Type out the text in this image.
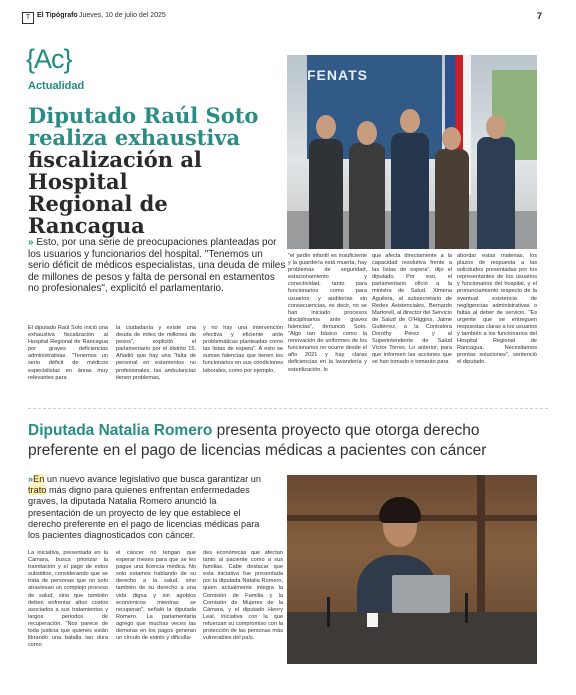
T El Tipógrafo Jueves, 10 de julio del 2025	7
{Ac}
Actualidad
Diputado Raúl Soto
realiza exhaustiva
fiscalización al Hospital
Regional de Rancagua
FENATS
» Esto, por una serie de preocupaciones planteadas por los usuarios y funcionarios del hospital. "Tenemos un serio déficit de médicos especialistas, una deuda de miles de millones de pesos y falta de personal en estamentos no profesionales", explicitó el parlamentario.
El diputado Raúl Soto inició una exhaustiva fiscalización al Hospital Regional de Rancagua por graves deficiencias administrativas. "Tenemos un serio déficit de médicos especialistas en áreas muy relevantes para
la ciudadanía y existe una deuda de miles de millones de pesos", explicitó el parlamentario por el distrito 15. Añadió que hay una "falta de personal en estamentos no profesionales, las ambulancias tienen problemas,
y no hay una intervención efectiva y eficiente ante problemáticas planteadas como las listas de espera". A esto se suman falencias que tienen los funcionarios en sus condiciones laborales, como por ejemplo,
"el jardín infantil es insuficiente y la guardería está muerta, hay problemas de seguridad, estacionamiento y conectividad, tanto para funcionarios como para usuarios; y auditorías sin consecuencias, es decir, no se han iniciado procesos disciplinarios ante graves falencias", denunció Soto. "Algo tan básico como la renovación de uniformes de los funcionarios no ocurre desde el año 2021 y hay claras deficiencias en la lavandería y esterilización, lo
que afecta directamente a la capacidad resolutiva frente a las listas de espera", dijo el diputado. Por eso, el parlamentario ofició a la ministra de Salud, Ximena Aguilera, al subsecretario de Redes Asistenciales, Bernardo Martorell, al director del Servicio de Salud de O'Higgins, Jaime Gutiérrez, a la Contralora Dorothy Pérez y al Superintendente de Salud Víctor Torres. Lo anterior, para que informen las acciones que se han tomado o tomarán para
abordar estas materias, los plazos de respuesta a las solicitudes presentadas por los representantes de los usuarios y funcionarios del hospital, y el pronunciamiento respecto de la eventual existencia de negligencias administrativas o faltas al deber de servicio. "Es urgente que se entreguen respuestas claras a los usuarios y también a los funcionarios del Hospital Regional de Rancagua. Necesitamos prontas soluciones", sentenció el diputado.
Diputada Natalia Romero presenta proyecto que otorga derecho preferente en el pago de licencias médicas a pacientes con cáncer
»En un nuevo avance legislativo que busca garantizar un trato más digno para quienes enfrentan enfermedades graves, la diputada Natalia Romero anunció la presentación de un proyecto de ley que establece el derecho preferente en el pago de licencias médicas para los pacientes diagnosticados con cáncer.
La iniciativa, presentada en la Cámara, busca priorizar la tramitación y el pago de estos subsidios, considerando que se trata de personas que no solo atraviesan un complejo proceso de salud, sino que también deben enfrentar altos costos asociados a sus tratamientos y largos periodos de recuperación. "Nos parece de toda justicia que quienes están librando una batalla tan dura como
el cáncer no tengan que esperar meses para que se les pague una licencia médica. No solo estamos hablando de su derecho a la salud, sino también de su derecho a una vida digna y sin agobios económicos mientras se recuperan", señaló la diputada Romero. La parlamentaria agregó que muchas veces las demoras en los pagos generan un círculo de estrés y dificulta-
des económicas que afectan tanto al paciente como a sus familias. Cabe destacar que esta iniciativa fue presentada por la diputada Natalia Romero, quien actualmente integra la Comisión de Familia y la Comisión de Mujeres de la Cámara, y el diputado Henry Leal, iniciativa con la que refuerzan su compromiso con la protección de las personas más vulnerables del país.
